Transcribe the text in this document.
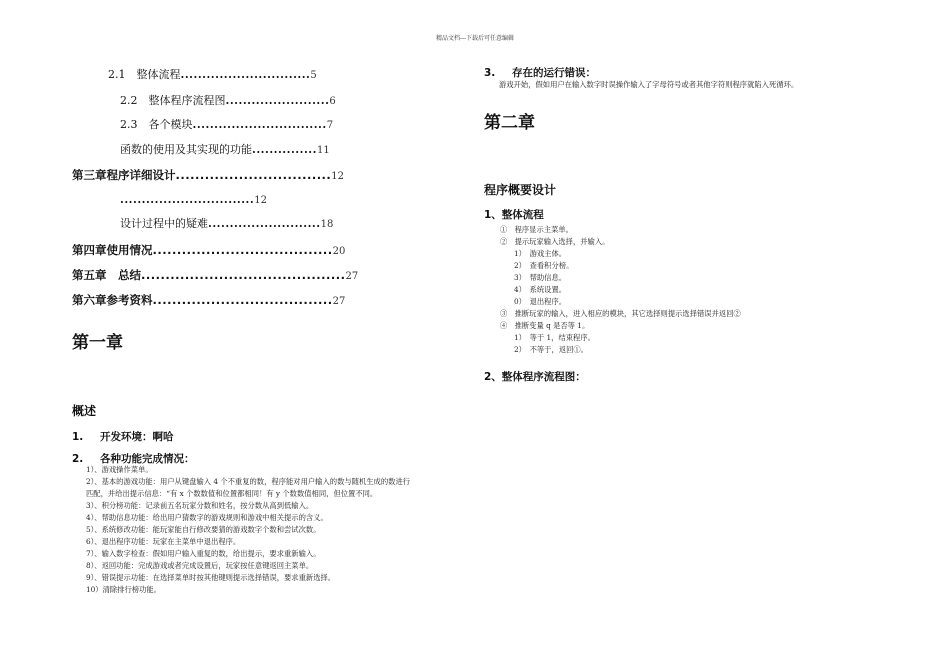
精品文档---下载后可任意编辑
2.1　整体流程..............................5
2.2　整体程序流程图........................6
2.3　各个模块...............................7
函数的使用及其实现的功能...............11
第三章程序详细设计................................12
...............................12
设计过程中的疑难..........................18
第四章使用情况.....................................20
第五章　总结..........................................27
第六章参考资料.....................................27
第一章
概述
1. 开发环境：啊哈
2. 各种功能完成情况：
1）、游戏操作菜单。
2）、基本的游戏功能：用户从键盘输入 4 个不重复的数，程序能对用户输入的数与随机生成的数进行
匹配，并给出提示信息：“有 x 个数数值和位置都相同！有 y 个数数值相同，但位置不同。
3）、积分榜功能：记录前五名玩家分数和姓名，按分数从高到低输入。
4）、帮助信息功能：给出用户猜数字的游戏规则和游戏中相关提示的含义。
5）、系统修改功能：能玩家能自行修改要猜的游戏数字个数和尝试次数。
6）、退出程序功能：玩家在主菜单中退出程序。
7）、输入数字检查：假如用户输入重复的数，给出提示，要求重新输入。
8）、返回功能：完成游戏或者完成设置后，玩家按任意键返回主菜单。
9）、错误提示功能：在选择菜单时按其他键则提示选择错误，要求重新选择。
10）清除排行榜功能。
3. 存在的运行错误：
游戏开始，假如用户在输入数字时误操作输入了字母符号或者其他字符则程序就陷入死循环。
第二章
程序概要设计
1、整体流程
①　程序显示主菜单。
②　提示玩家输入选择，并输入。
1）　游戏主体。
2）　查看积分榜。
3）　帮助信息。
4）　系统设置。
0）　退出程序。
③　推断玩家的输入，进入相应的模块，其它选择则提示选择错误并返回②
④　推断变量 q 是否等 1。
1）　等于 1，结束程序。
2）　不等于，返回①。
2、整体程序流程图：
